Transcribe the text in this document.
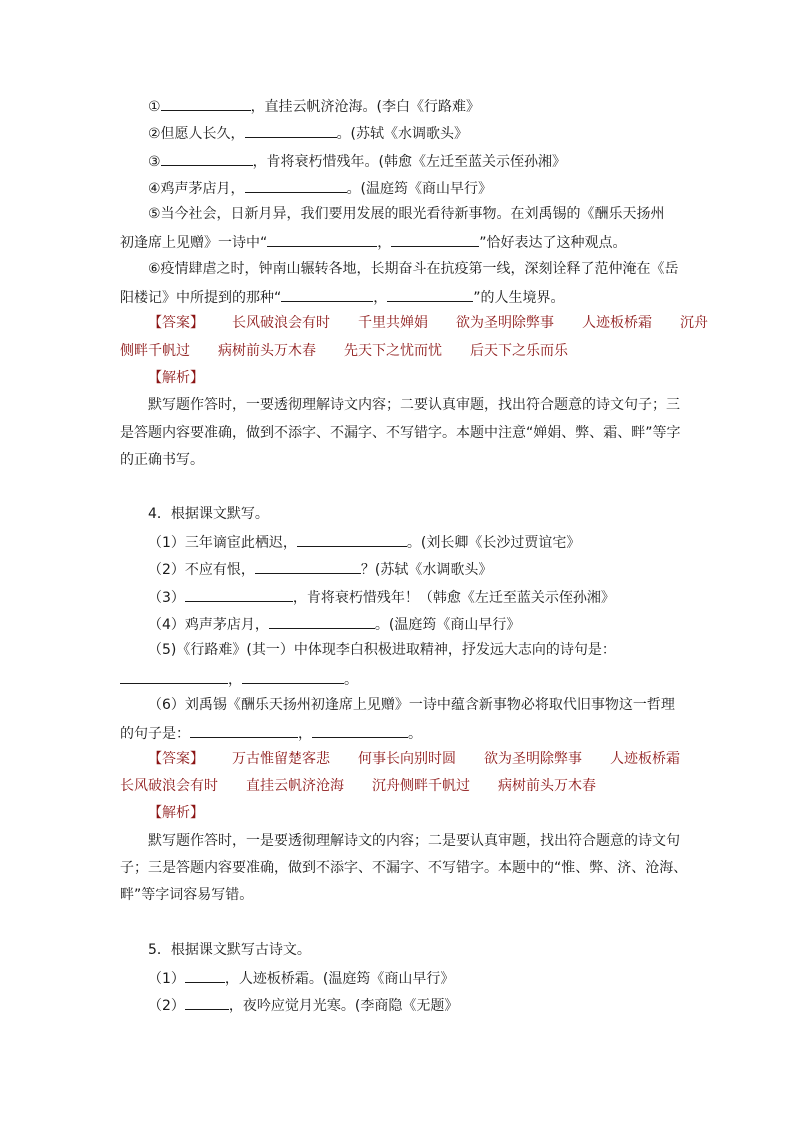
①	，直挂云帆济沧海。(李白《行路难》
②但愿人长久，	。(苏轼《水调歌头》
③	，肯将衰朽惜残年。(韩愈《左迁至蓝关示侄孙湘》
④鸡声茅店月，	。(温庭筠《商山早行》
⑤当今社会，日新月异，我们要用发展的眼光看待新事物。在刘禹锡的《酬乐天扬州
初逢席上见赠》一诗中“	，	”恰好表达了这种观点。
⑥疫情肆虐之时，钟南山辗转各地，长期奋斗在抗疫第一线，深刻诠释了范仲淹在《岳
阳楼记》中所提到的那种“	，	”的人生境界。
【答案】 长风破浪会有时 千里共婵娟 欲为圣明除弊事 人迹板桥霜 沉舟
侧畔千帆过 病树前头万木春 先天下之忧而忧 后天下之乐而乐
【解析】
默写题作答时，一要透彻理解诗文内容；二要认真审题，找出符合题意的诗文句子；三
是答题内容要准确，做到不添字、不漏字、不写错字。本题中注意“婵娟、弊、霜、畔”等字
的正确书写。
4．根据课文默写。
（1）三年谪宦此栖迟，	。(刘长卿《长沙过贾谊宅》
（2）不应有恨，	？(苏轼《水调歌头》
（3）	，肯将衰朽惜残年！（韩愈《左迁至蓝关示侄孙湘》
（4）鸡声茅店月，	。(温庭筠《商山早行》
（5)《行路难》(其一）中体现李白积极进取精神，抒发远大志向的诗句是：
，	。
（6）刘禹锡《酬乐天扬州初逢席上见赠》一诗中蕴含新事物必将取代旧事物这一哲理
的句子是：	，	。
【答案】 万古惟留楚客悲 何事长向别时圆 欲为圣明除弊事 人迹板桥霜
长风破浪会有时 直挂云帆济沧海 沉舟侧畔千帆过 病树前头万木春
【解析】
默写题作答时，一是要透彻理解诗文的内容；二是要认真审题，找出符合题意的诗文句
子；三是答题内容要准确，做到不添字、不漏字、不写错字。本题中的“惟、弊、济、沧海、
畔”等字词容易写错。
5．根据课文默写古诗文。
（1）	，人迹板桥霜。(温庭筠《商山早行》
（2）	，夜吟应觉月光寒。(李商隐《无题》
